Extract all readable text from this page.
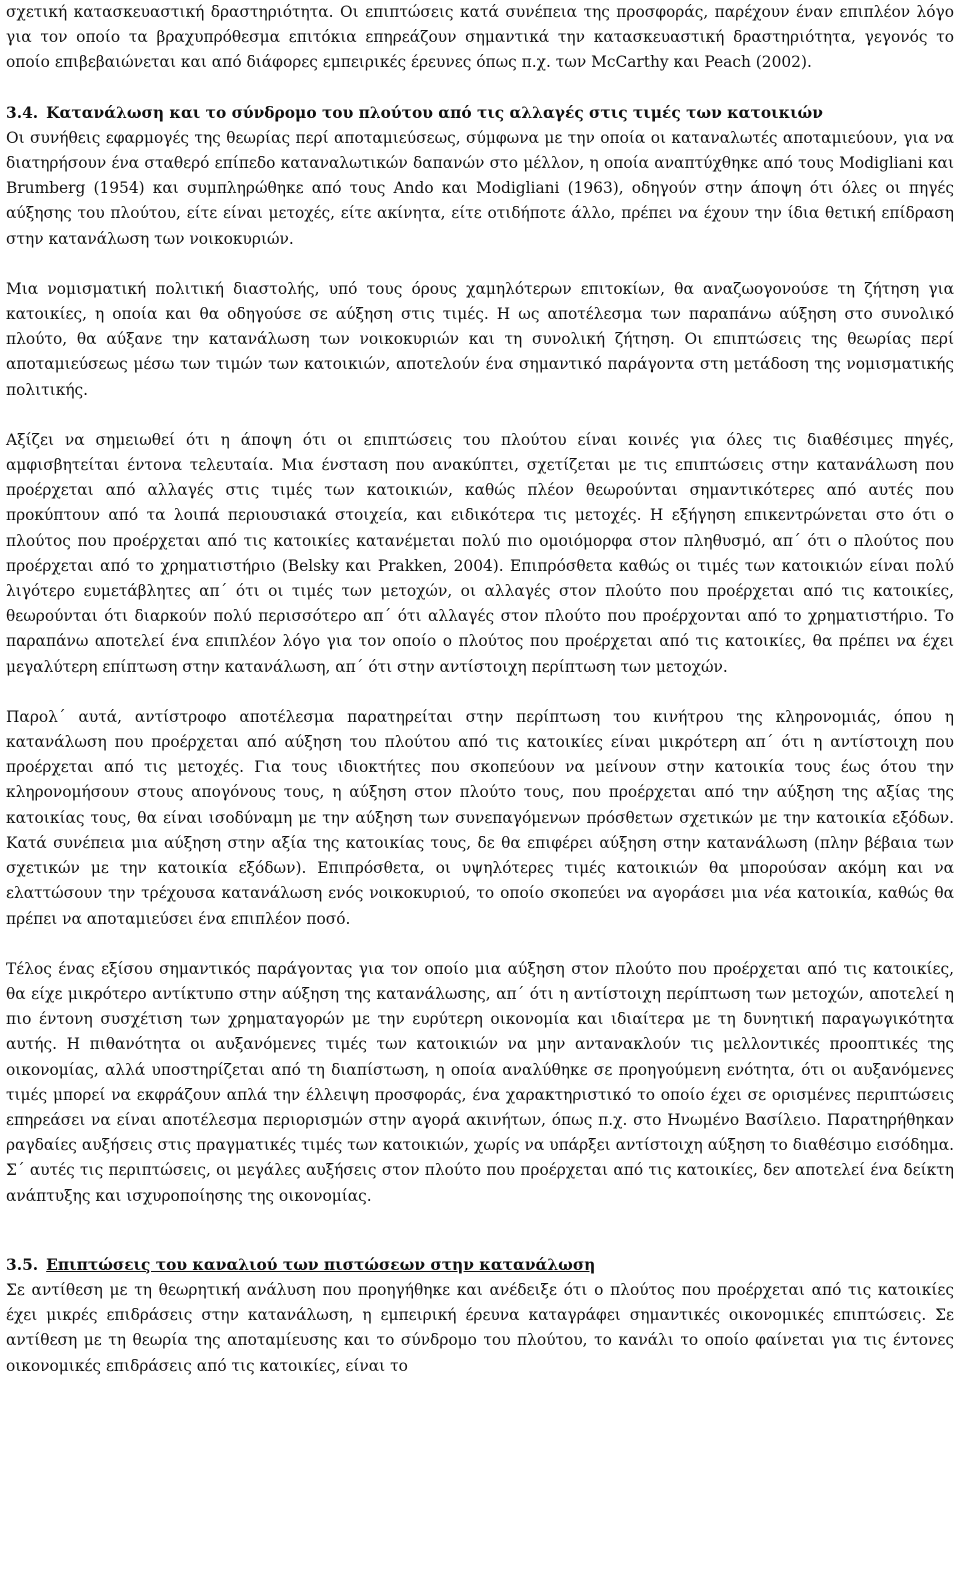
σχετική κατασκευαστική δραστηριότητα. Οι επιπτώσεις κατά συνέπεια της προσφοράς, παρέχουν έναν επιπλέον λόγο για τον οποίο τα βραχυπρόθεσμα επιτόκια επηρεάζουν σημαντικά την κατασκευαστική δραστηριότητα, γεγονός το οποίο επιβεβαιώνεται και από διάφορες εμπειρικές έρευνες όπως π.χ. των McCarthy και Peach (2002).

3.4. Κατανάλωση και το σύνδρομο του πλούτου από τις αλλαγές στις τιμές των κατοικιών

Οι συνήθεις εφαρμογές της θεωρίας περί αποταμιεύσεως, σύμφωνα με την οποία οι καταναλωτές αποταμιεύουν, για να διατηρήσουν ένα σταθερό επίπεδο καταναλωτικών δαπανών στο μέλλον, η οποία αναπτύχθηκε από τους Modigliani και Brumberg (1954) και συμπληρώθηκε από τους Ando και Modigliani (1963), οδηγούν στην άποψη ότι όλες οι πηγές αύξησης του πλούτου, είτε είναι μετοχές, είτε ακίνητα, είτε οτιδήποτε άλλο, πρέπει να έχουν την ίδια θετική επίδραση στην κατανάλωση των νοικοκυριών.

Μια νομισματική πολιτική διαστολής, υπό τους όρους χαμηλότερων επιτοκίων, θα αναζωογονούσε τη ζήτηση για κατοικίες, η οποία και θα οδηγούσε σε αύξηση στις τιμές. Η ως αποτέλεσμα των παραπάνω αύξηση στο συνολικό πλούτο, θα αύξανε την κατανάλωση των νοικοκυριών και τη συνολική ζήτηση. Οι επιπτώσεις της θεωρίας περί αποταμιεύσεως μέσω των τιμών των κατοικιών, αποτελούν ένα σημαντικό παράγοντα στη μετάδοση της νομισματικής πολιτικής.

Αξίζει να σημειωθεί ότι η άποψη ότι οι επιπτώσεις του πλούτου είναι κοινές για όλες τις διαθέσιμες πηγές, αμφισβητείται έντονα τελευταία. Μια ένσταση που ανακύπτει, σχετίζεται με τις επιπτώσεις στην κατανάλωση που προέρχεται από αλλαγές στις τιμές των κατοικιών, καθώς πλέον θεωρούνται σημαντικότερες από αυτές που προκύπτουν από τα λοιπά περιουσιακά στοιχεία, και ειδικότερα τις μετοχές. Η εξήγηση επικεντρώνεται στο ότι ο πλούτος που προέρχεται από τις κατοικίες κατανέμεται πολύ πιο ομοιόμορφα στον πληθυσμό, απ΄ ότι ο πλούτος που προέρχεται από το χρηματιστήριο (Belsky και Prakken, 2004). Επιπρόσθετα καθώς οι τιμές των κατοικιών είναι πολύ λιγότερο ευμετάβλητες απ΄ ότι οι τιμές των μετοχών, οι αλλαγές στον πλούτο που προέρχεται από τις κατοικίες, θεωρούνται ότι διαρκούν πολύ περισσότερο απ΄ ότι αλλαγές στον πλούτο που προέρχονται από το χρηματιστήριο. Το παραπάνω αποτελεί ένα επιπλέον λόγο για τον οποίο ο πλούτος που προέρχεται από τις κατοικίες, θα πρέπει να έχει μεγαλύτερη επίπτωση στην κατανάλωση, απ΄ ότι στην αντίστοιχη περίπτωση των μετοχών.

Παρολ΄ αυτά, αντίστροφο αποτέλεσμα παρατηρείται στην περίπτωση του κινήτρου της κληρονομιάς, όπου η κατανάλωση που προέρχεται από αύξηση του πλούτου από τις κατοικίες είναι μικρότερη απ΄ ότι η αντίστοιχη που προέρχεται από τις μετοχές. Για τους ιδιοκτήτες που σκοπεύουν να μείνουν στην κατοικία τους έως ότου την κληρονομήσουν στους απογόνους τους, η αύξηση στον πλούτο τους, που προέρχεται από την αύξηση της αξίας της κατοικίας τους, θα είναι ισοδύναμη με την αύξηση των συνεπαγόμενων πρόσθετων σχετικών με την κατοικία εξόδων. Κατά συνέπεια μια αύξηση στην αξία της κατοικίας τους, δε θα επιφέρει αύξηση στην κατανάλωση (πλην βέβαια των σχετικών με την κατοικία εξόδων). Επιπρόσθετα, οι υψηλότερες τιμές κατοικιών θα μπορούσαν ακόμη και να ελαττώσουν την τρέχουσα κατανάλωση ενός νοικοκυριού, το οποίο σκοπεύει να αγοράσει μια νέα κατοικία, καθώς θα πρέπει να αποταμιεύσει ένα επιπλέον ποσό.

Τέλος ένας εξίσου σημαντικός παράγοντας για τον οποίο μια αύξηση στον πλούτο που προέρχεται από τις κατοικίες, θα είχε μικρότερο αντίκτυπο στην αύξηση της κατανάλωσης, απ΄ ότι η αντίστοιχη περίπτωση των μετοχών, αποτελεί η πιο έντονη συσχέτιση των χρηματαγορών με την ευρύτερη οικονομία και ιδιαίτερα με τη δυνητική παραγωγικότητα αυτής. Η πιθανότητα οι αυξανόμενες τιμές των κατοικιών να μην αντανακλούν τις μελλοντικές προοπτικές της οικονομίας, αλλά υποστηρίζεται από τη διαπίστωση, η οποία αναλύθηκε σε προηγούμενη ενότητα, ότι οι αυξανόμενες τιμές μπορεί να εκφράζουν απλά την έλλειψη προσφοράς, ένα χαρακτηριστικό το οποίο έχει σε ορισμένες περιπτώσεις επηρεάσει να είναι αποτέλεσμα περιορισμών στην αγορά ακινήτων, όπως π.χ. στο Ηνωμένο Βασίλειο. Παρατηρήθηκαν ραγδαίες αυξήσεις στις πραγματικές τιμές των κατοικιών, χωρίς να υπάρξει αντίστοιχη αύξηση το διαθέσιμο εισόδημα. Σ΄ αυτές τις περιπτώσεις, οι μεγάλες αυξήσεις στον πλούτο που προέρχεται από τις κατοικίες, δεν αποτελεί ένα δείκτη ανάπτυξης και ισχυροποίησης της οικονομίας.

3.5. Επιπτώσεις του καναλιού των πιστώσεων στην κατανάλωση

Σε αντίθεση με τη θεωρητική ανάλυση που προηγήθηκε και ανέδειξε ότι ο πλούτος που προέρχεται από τις κατοικίες έχει μικρές επιδράσεις στην κατανάλωση, η εμπειρική έρευνα καταγράφει σημαντικές οικονομικές επιπτώσεις. Σε αντίθεση με τη θεωρία της αποταμίευσης και το σύνδρομο του πλούτου, το κανάλι το οποίο φαίνεται για τις έντονες οικονομικές επιδράσεις από τις κατοικίες, είναι το
